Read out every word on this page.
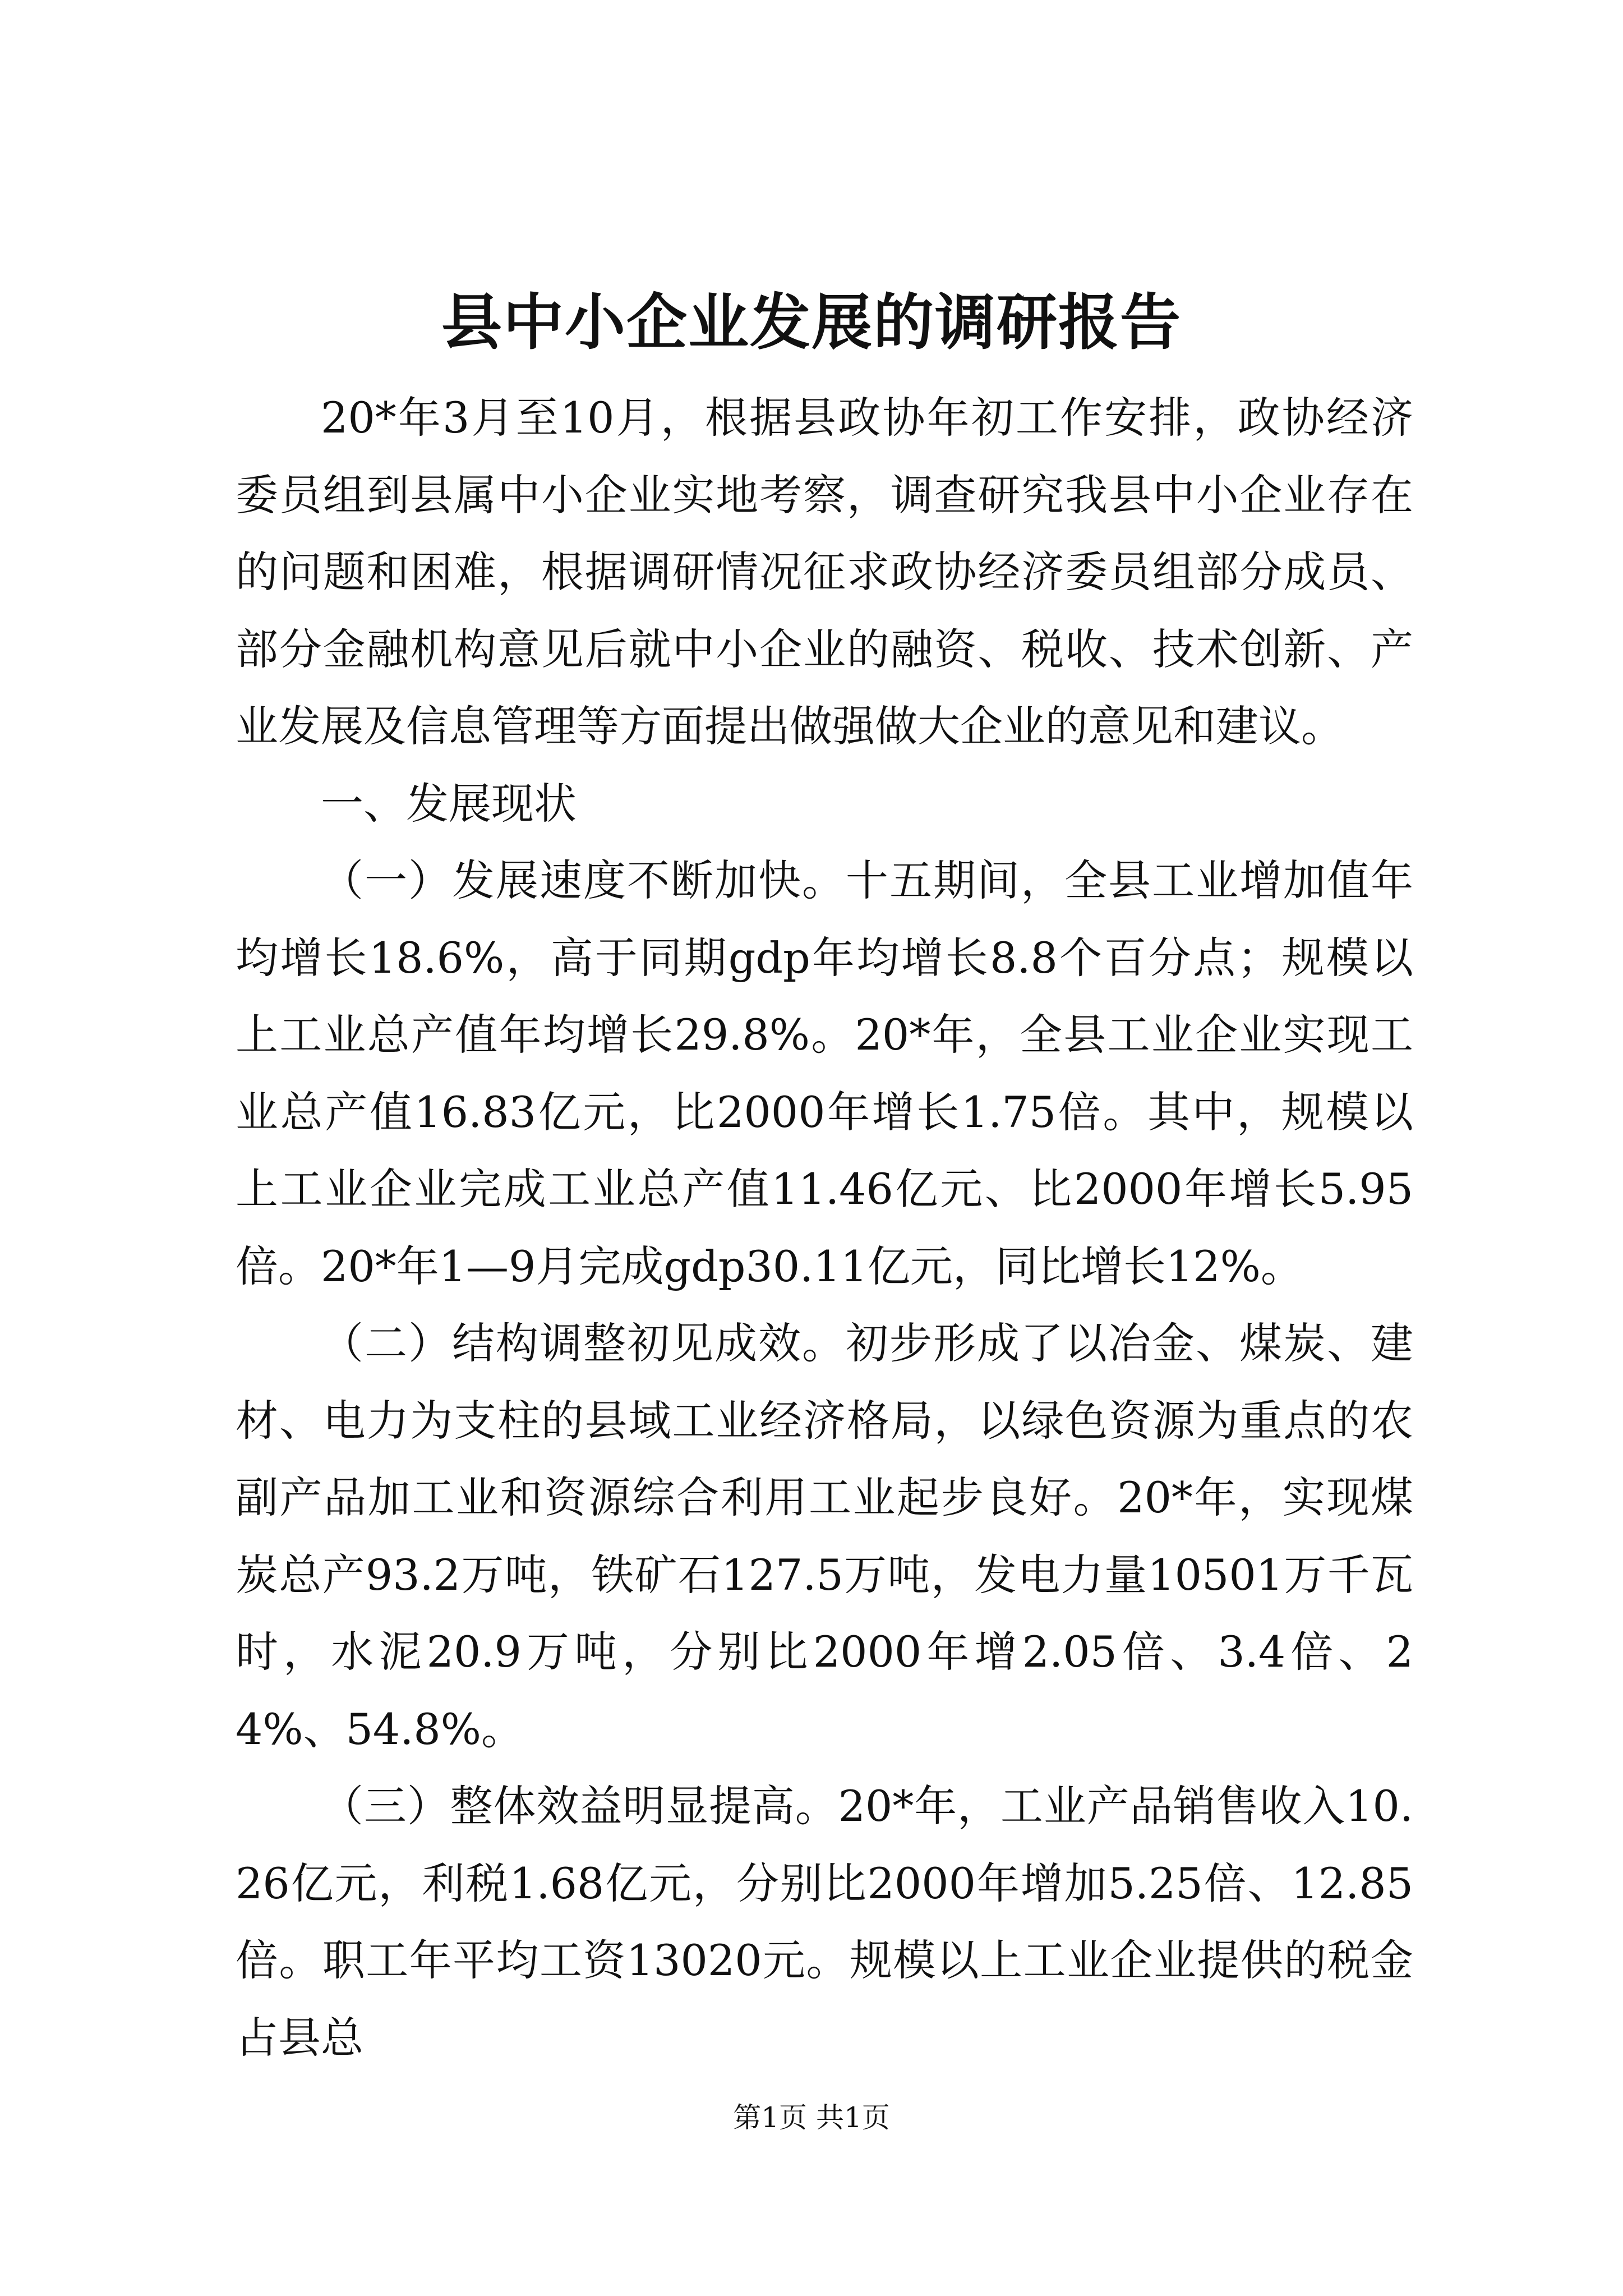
县中小企业发展的调研报告

20*年3月至10月，根据县政协年初工作安排，政协经济委员组到县属中小企业实地考察，调查研究我县中小企业存在的问题和困难，根据调研情况征求政协经济委员组部分成员、部分金融机构意见后就中小企业的融资、税收、技术创新、产业发展及信息管理等方面提出做强做大企业的意见和建议。

一、发展现状

（一）发展速度不断加快。十五期间，全县工业增加值年均增长18.6%，高于同期gdp年均增长8.8个百分点；规模以上工业总产值年均增长29.8%。20*年，全县工业企业实现工业总产值16.83亿元，比2000年增长1.75倍。其中，规模以上工业企业完成工业总产值11.46亿元、比2000年增长5.95倍。20*年1—9月完成gdp30.11亿元，同比增长12%。

（二）结构调整初见成效。初步形成了以冶金、煤炭、建材、电力为支柱的县域工业经济格局，以绿色资源为重点的农副产品加工业和资源综合利用工业起步良好。20*年，实现煤炭总产93.2万吨，铁矿石127.5万吨，发电力量10501万千瓦时，水泥20.9万吨，分别比2000年增2.05倍、3.4倍、24%、54.8%。

（三）整体效益明显提高。20*年，工业产品销售收入10.26亿元，利税1.68亿元，分别比2000年增加5.25倍、12.85倍。职工年平均工资13020元。规模以上工业企业提供的税金占县总

第1页 共1页
